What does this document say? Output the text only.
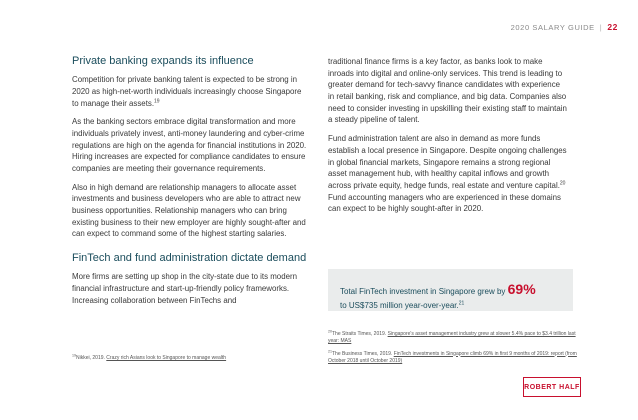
2020 SALARY GUIDE | 22
Private banking expands its influence

Competition for private banking talent is expected to be strong in 2020 as high-net-worth individuals increasingly choose Singapore to manage their assets.$^{19}$

As the banking sectors embrace digital transformation and more individuals privately invest, anti-money laundering and cyber-crime regulations are high on the agenda for financial institutions in 2020. Hiring increases are expected for compliance candidates to ensure companies are meeting their governance requirements.

Also in high demand are relationship managers to allocate asset investments and business developers who are able to attract new business opportunities. Relationship managers who can bring existing business to their new employer are highly sought-after and can expect to command some of the highest starting salaries.

FinTech and fund administration dictate demand

More firms are setting up shop in the city-state due to its modern financial infrastructure and start-up-friendly policy frameworks. Increasing collaboration between FinTechs and

traditional finance firms is a key factor, as banks look to make inroads into digital and online-only services. This trend is leading to greater demand for tech-savvy finance candidates with experience in retail banking, risk and compliance, and big data. Companies also need to consider investing in upskilling their existing staff to maintain a steady pipeline of talent.

Fund administration talent are also in demand as more funds establish a local presence in Singapore. Despite ongoing challenges in global financial markets, Singapore remains a strong regional asset management hub, with healthy capital inflows and growth across private equity, hedge funds, real estate and venture capital.$^{20}$ Fund accounting managers who are experienced in these domains can expect to be highly sought-after in 2020.

Total FinTech investment in Singapore grew by 69%
to US$735 million year-over-year.$^{21}$
$^{20}$The Straits Times, 2019. Singapore's asset management industry grew at slower 5.4% pace to $3.4 trillion last year: MAS
$^{21}$The Business Times, 2019. FinTech investments in Singapore climb 69% in first 9 months of 2019: report (from October 2018 until October 2019)
$^{19}$Nikkei, 2019. Crazy rich Asians look to Singapore to manage wealth
ROBERT HALF
